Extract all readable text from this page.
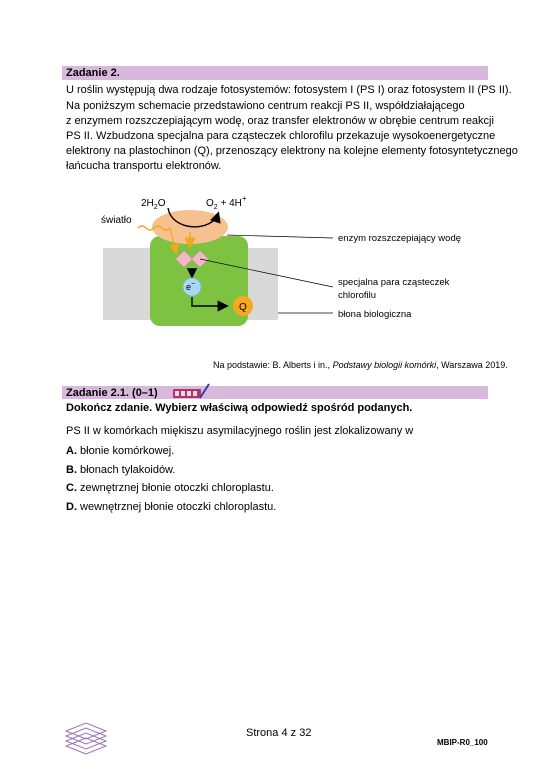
Zadanie 2.
U roślin występują dwa rodzaje fotosystemów: fotosystem I (PS I) oraz fotosystem II (PS II).
Na poniższym schemacie przedstawiono centrum reakcji PS II, współdziałającego
z enzymem rozszczepiającym wodę, oraz transfer elektronów w obrębie centrum reakcji
PS II. Wzbudzona specjalna para cząsteczek chlorofilu przekazuje wysokoenergetyczne
elektrony na plastochinon (Q), przenoszący elektrony na kolejne elementy fotosyntetycznego
łańcucha transportu elektronów.
$2H_2O$	$O_2 + 4H^+$
światło
e−
Q
enzym rozszczepiający wodę
specjalna para cząsteczek
chlorofilu
błona biologiczna
Na podstawie: B. Alberts i in., Podstawy biologii komórki, Warszawa 2019.
Zadanie 2.1. (0–1)
Dokończ zdanie. Wybierz właściwą odpowiedź spośród podanych.
PS II w komórkach miękiszu asymilacyjnego roślin jest zlokalizowany w
A. błonie komórkowej.
B. błonach tylakoidów.
C. zewnętrznej błonie otoczki chloroplastu.
D. wewnętrznej błonie otoczki chloroplastu.
Strona 4 z 32
MBIP-R0_100
